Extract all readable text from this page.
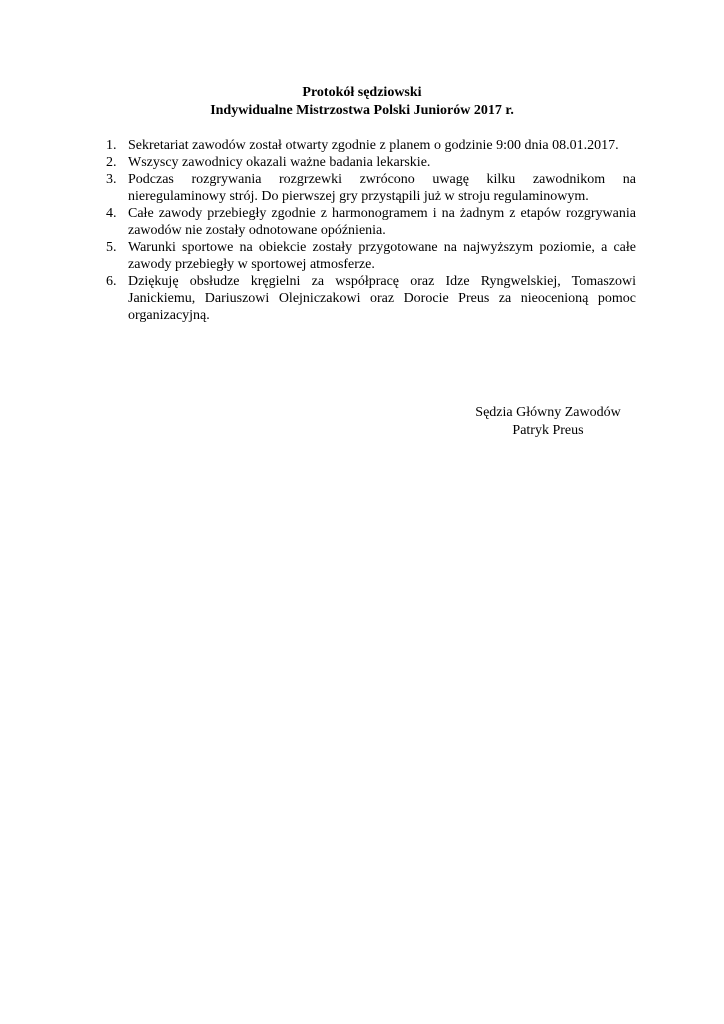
Protokół sędziowski
Indywidualne Mistrzostwa Polski Juniorów 2017 r.
1. Sekretariat zawodów został otwarty zgodnie z planem o godzinie 9:00 dnia 08.01.2017.
2. Wszyscy zawodnicy okazali ważne badania lekarskie.
3. Podczas rozgrywania rozgrzewki zwrócono uwagę kilku zawodnikom na nieregulaminowy strój. Do pierwszej gry przystąpili już w stroju regulaminowym.
4. Całe zawody przebiegły zgodnie z harmonogramem i na żadnym z etapów rozgrywania zawodów nie zostały odnotowane opóźnienia.
5. Warunki sportowe na obiekcie zostały przygotowane na najwyższym poziomie, a całe zawody przebiegły w sportowej atmosferze.
6. Dziękuję obsłudze kręgielni za współpracę oraz Idze Ryngwelskiej, Tomaszowi Janickiemu, Dariuszowi Olejniczakowi oraz Dorocie Preus za nieocenioną pomoc organizacyjną.
Sędzia Główny Zawodów
Patryk Preus
